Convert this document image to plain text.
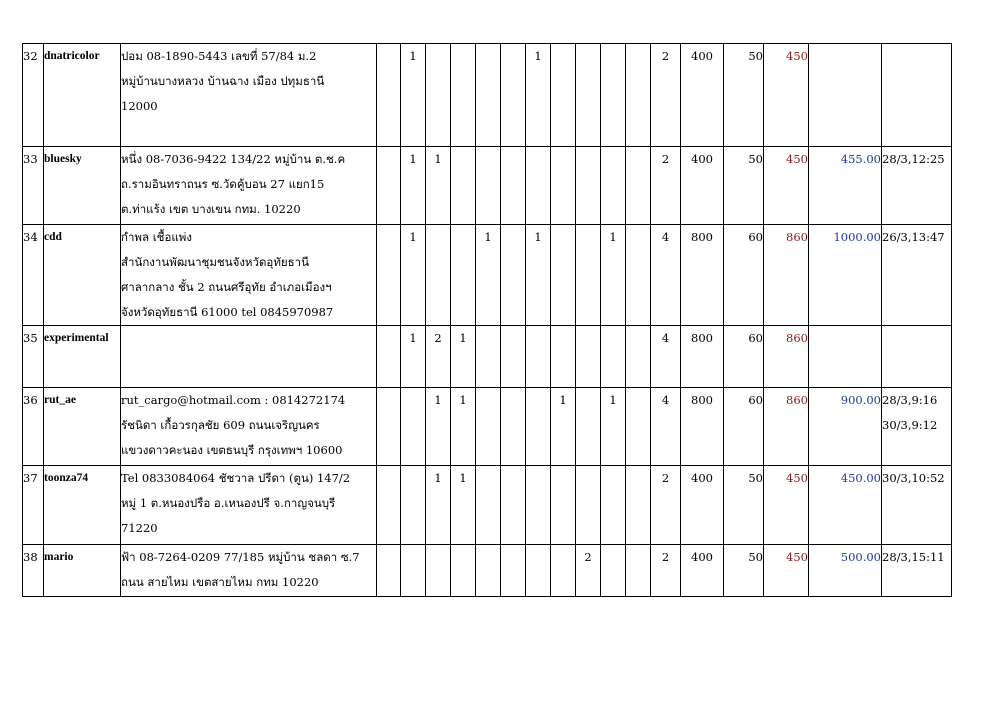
32	dnatricolor	ปอม 08-1890-5443 เลขที่ 57/84 ม.2
หมู่บ้านบางหลวง บ้านฉาง เมือง ปทุมธานี
12000		1					1					2	400	50	450		
33	bluesky	หนึ่ง 08-7036-9422 134/22 หมู่บ้าน ต.ช.ค
ถ.รามอินทราถนร ซ.วัดคู้บอน 27 แยก15
ต.ท่าแร้ง เขต บางเขน กทม. 10220		1	1									2	400	50	450	455.00	28/3,12:25

34	cdd	กำพล เชื้อแพ่ง
สำนักงานพัฒนาชุมชนจังหวัดอุทัยธานี
ศาลากลาง ชั้น 2 ถนนศรีอุทัย อำเภอเมืองฯ
จังหวัดอุทัยธานี 61000 tel 0845970987		1			1		1			1		4	800	60	860	1000.00	26/3,13:47

35	experimental			1	2	1								4	800	60	860		
36	rut_ae	rut_cargo@hotmail.com : 0814272174
รัชนิดา เกื้อวรกุลชัย 609 ถนนเจริญนคร
แขวงดาวคะนอง เขตธนบุรี กรุงเทพฯ 10600			1	1				1		1		4	800	60	860	900.00	28/3,9:16
30/3,9:12

37	toonza74	Tel 0833084064 ชัชวาล ปรีดา (ตูน) 147/2
หมู่ 1 ต.หนองปรือ อ.เหนองปรี จ.กาญจนบุรี
71220			1	1								2	400	50	450	450.00	30/3,10:52

38	mario	ฟ้า 08-7264-0209 77/185 หมู่บ้าน ชลดา ซ.7
ถนน สายไหม เขตสายไหม กทม 10220									2			2	400	50	450	500.00	28/3,15:11
